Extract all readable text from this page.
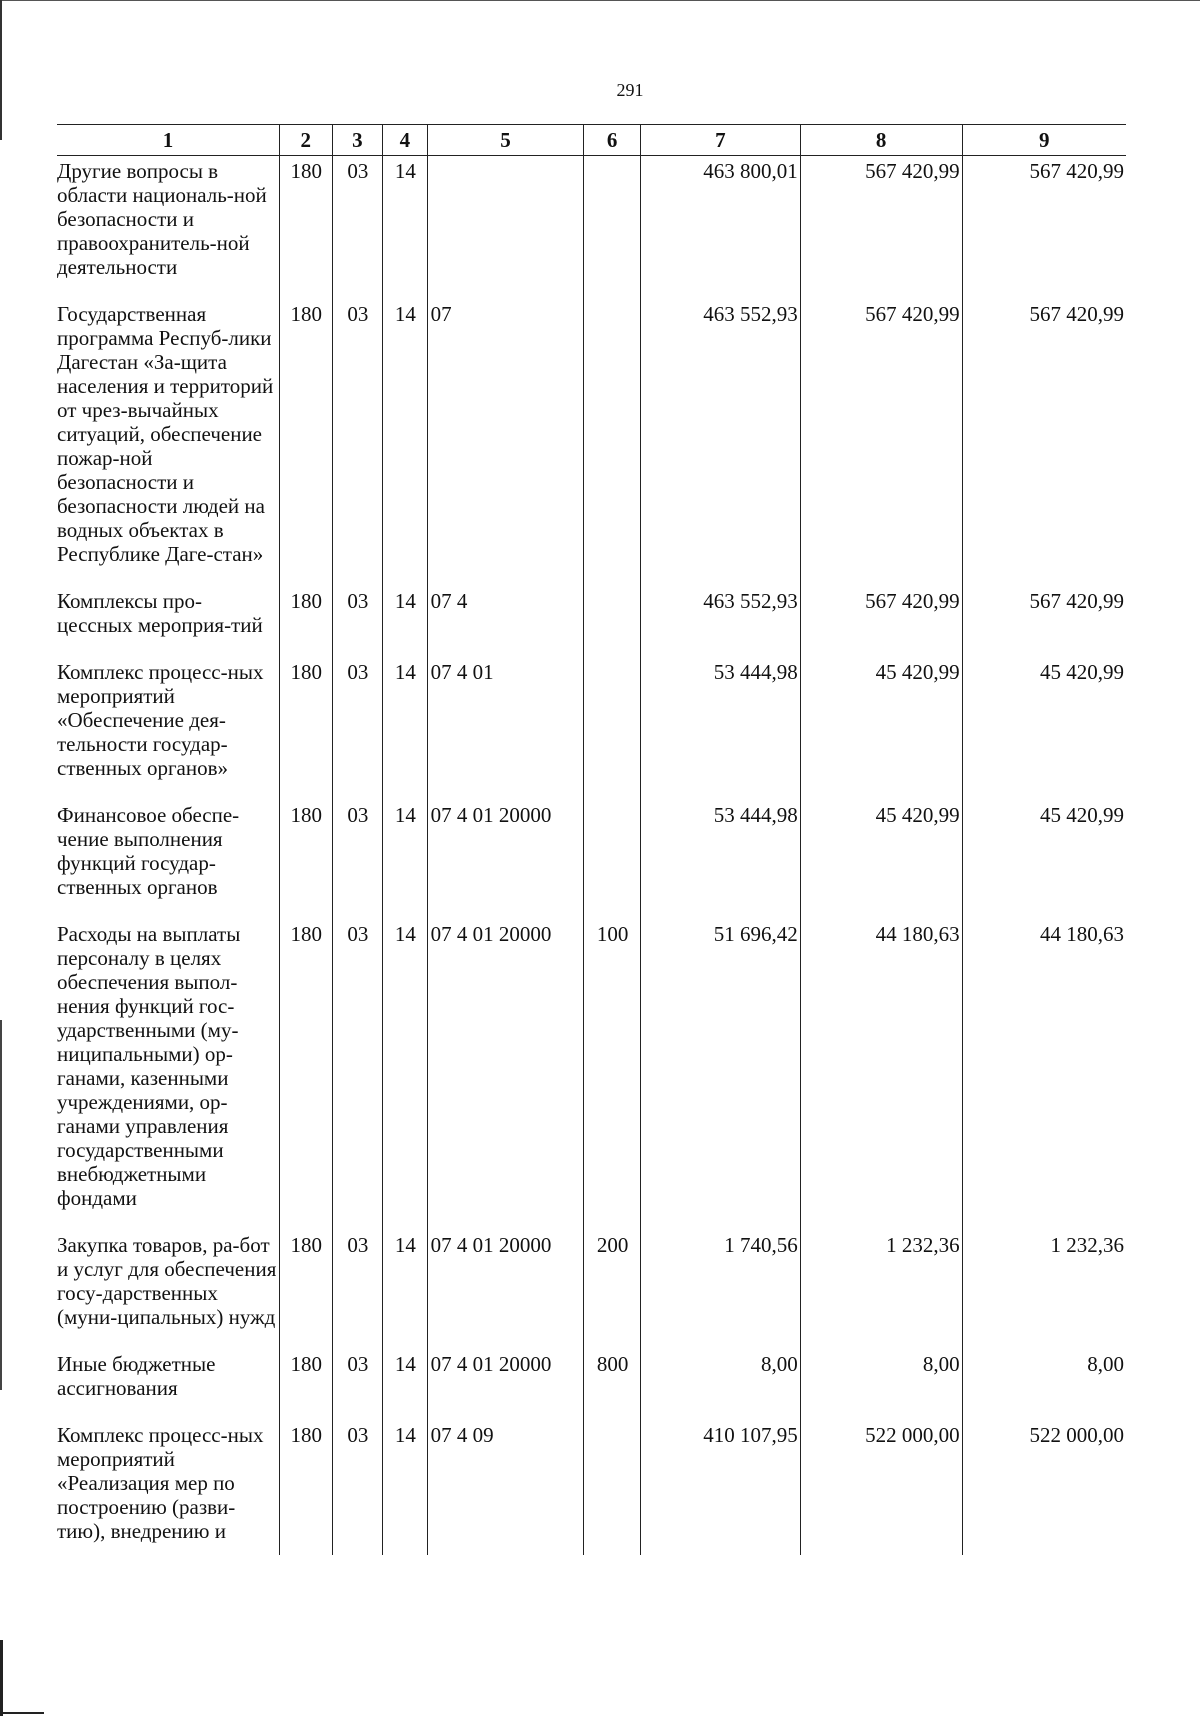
291
1	2	3	4	5	6	7	8	9
Другие вопросы в области националь-ной безопасности и правоохранитель-ной деятельности	180	03	14			463 800,01	567 420,99	567 420,99
Государственная программа Респуб-лики Дагестан «За-щита населения и территорий от чрез-вычайных ситуаций, обеспечение пожар-ной безопасности и безопасности людей на водных объектах в Республике Даге-стан»	180	03	14	07		463 552,93	567 420,99	567 420,99
Комплексы про-цессных мероприя-тий	180	03	14	07 4		463 552,93	567 420,99	567 420,99
Комплекс процесс-ных мероприятий «Обеспечение дея-тельности государ-ственных органов»	180	03	14	07 4 01		53 444,98	45 420,99	45 420,99
Финансовое обеспе-чение выполнения функций государ-ственных органов	180	03	14	07 4 01 20000		53 444,98	45 420,99	45 420,99
Расходы на выплаты персоналу в целях обеспечения выпол-нения функций гос-ударственными (му-ниципальными) ор-ганами, казенными учреждениями, ор-ганами управления государственными внебюджетными фондами	180	03	14	07 4 01 20000	100	51 696,42	44 180,63	44 180,63
Закупка товаров, ра-бот и услуг для обеспечения госу-дарственных (муни-ципальных) нужд	180	03	14	07 4 01 20000	200	1 740,56	1 232,36	1 232,36
Иные бюджетные ассигнования	180	03	14	07 4 01 20000	800	8,00	8,00	8,00
Комплекс процесс-ных мероприятий «Реализация мер по построению (разви-тию), внедрению и	180	03	14	07 4 09		410 107,95	522 000,00	522 000,00
